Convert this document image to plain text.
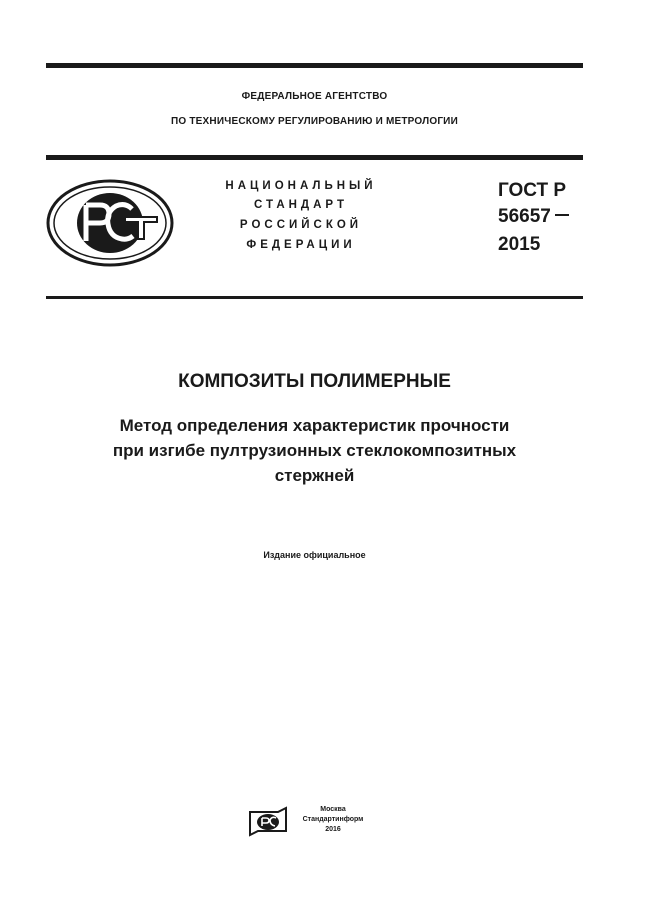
ФЕДЕРАЛЬНОЕ АГЕНТСТВО
ПО ТЕХНИЧЕСКОМУ РЕГУЛИРОВАНИЮ И МЕТРОЛОГИИ
НАЦИОНАЛЬНЫЙ
СТАНДАРТ
РОССИЙСКОЙ
ФЕДЕРАЦИИ
ГОСТ Р
56657
2015
КОМПОЗИТЫ ПОЛИМЕРНЫЕ
Метод определения характеристик прочности
при изгибе пултрузионных стеклокомпозитных
стержней
Издание официальное
Москва
Стандартинформ
2016
